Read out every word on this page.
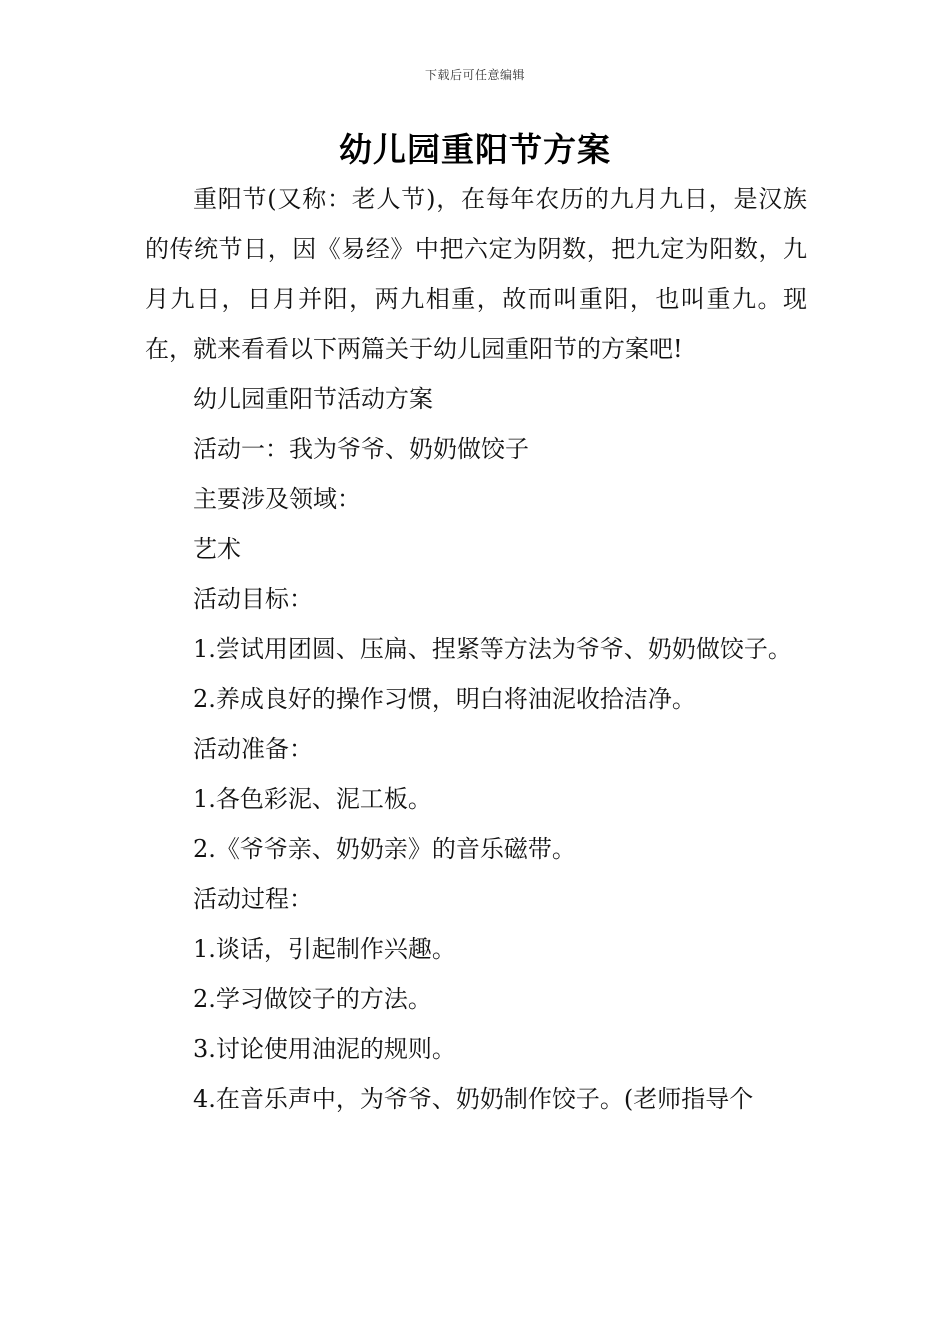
下载后可任意编辑
幼儿园重阳节方案

重阳节(又称：老人节)，在每年农历的九月九日，是汉族的传统节日，因《易经》中把六定为阴数，把九定为阳数，九月九日，日月并阳，两九相重，故而叫重阳，也叫重九。现在，就来看看以下两篇关于幼儿园重阳节的方案吧!

幼儿园重阳节活动方案

活动一：我为爷爷、奶奶做饺子

主要涉及领域：

艺术

活动目标：

1.尝试用团圆、压扁、捏紧等方法为爷爷、奶奶做饺子。

2.养成良好的操作习惯，明白将油泥收拾洁净。

活动准备：

1.各色彩泥、泥工板。

2.《爷爷亲、奶奶亲》的音乐磁带。

活动过程：

1.谈话，引起制作兴趣。

2.学习做饺子的方法。

3.讨论使用油泥的规则。

4.在音乐声中，为爷爷、奶奶制作饺子。(老师指导个
